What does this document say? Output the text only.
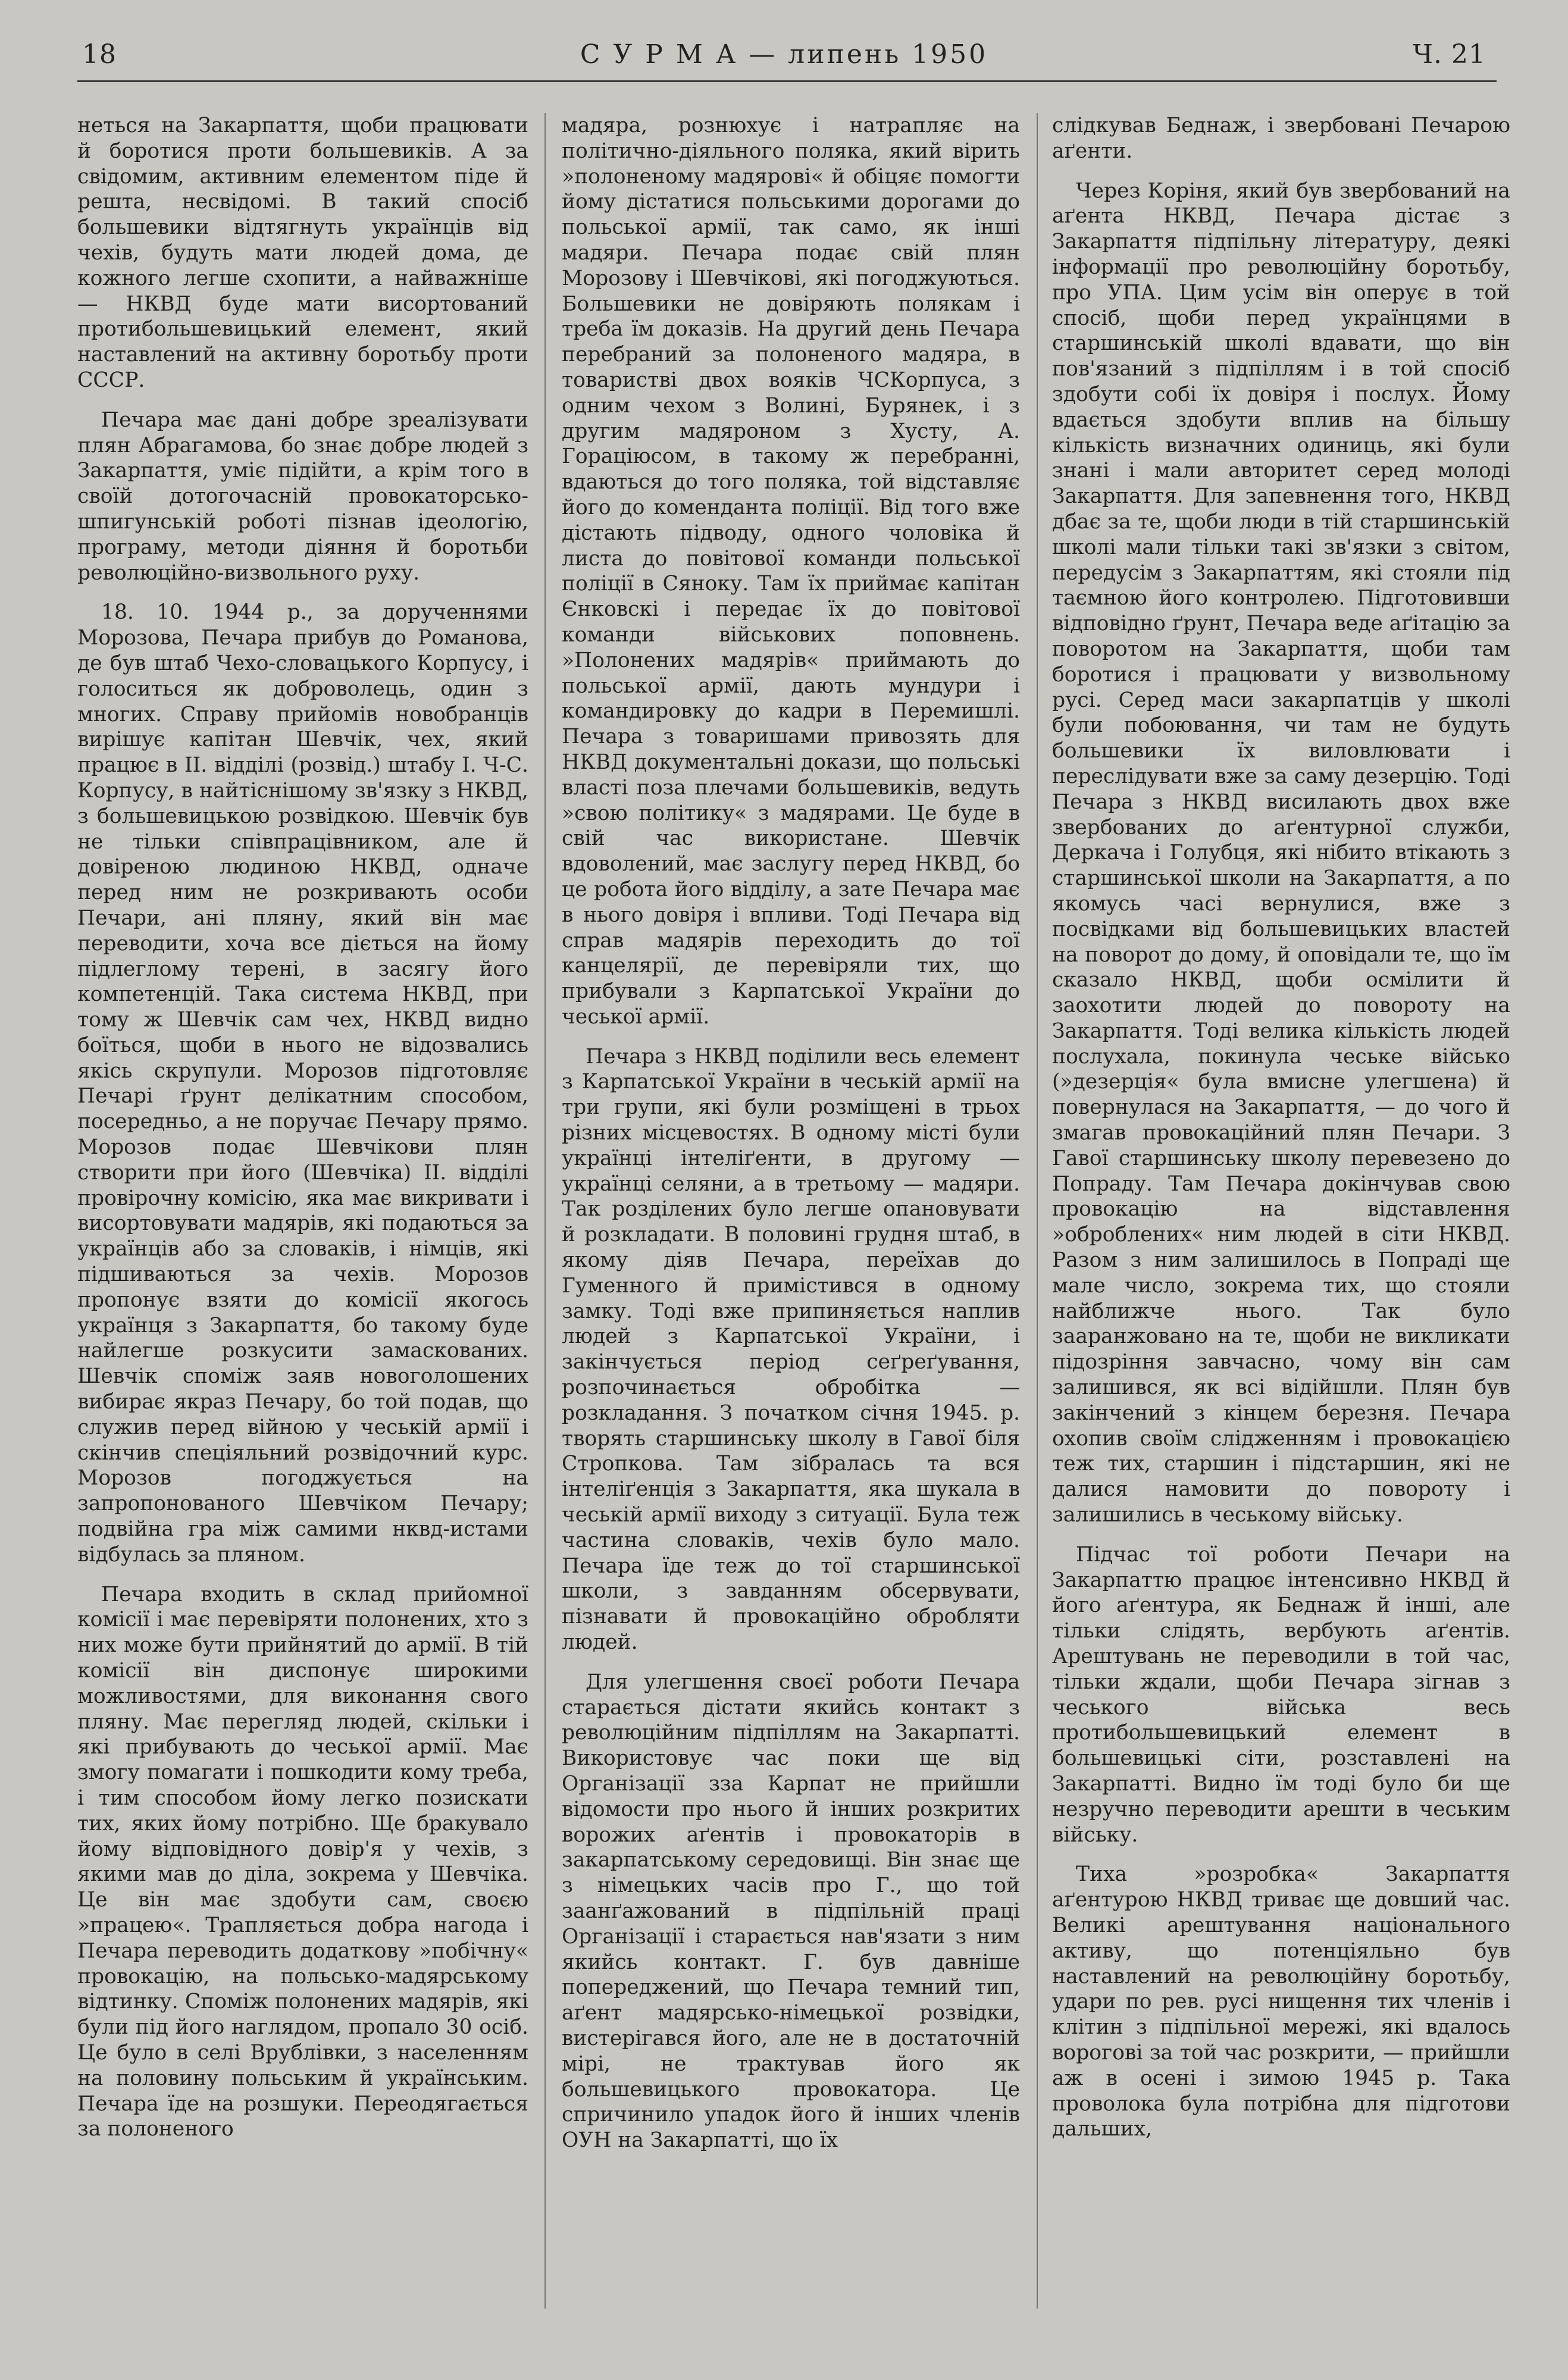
18	С У Р М А — липень 1950	Ч. 21

неться на Закарпаття, щоби працювати й боротися проти большевиків. А за свідомим, активним елементом піде й решта, несвідомі. В такий спосіб большевики відтягнуть українців від чехів, будуть мати людей дома, де кожного легше схопити, а найважніше — НКВД буде мати висортований протибольшевицький елемент, який наставлений на активну боротьбу проти СССР.

Печара має дані добре зреалізувати плян Абрагамова, бо знає добре людей з Закарпаття, уміє підійти, а крім того в своїй дотогочасній провокаторсько-шпигунській роботі пізнав ідеологію, програму, методи діяння й боротьби революційно-визвольного руху.

18. 10. 1944 р., за дорученнями Морозова, Печара прибув до Романова, де був штаб Чехо-словацького Корпусу, і голоситься як доброволець, один з многих. Справу прийомів новобранців вирішує капітан Шевчік, чех, який працює в II. відділі (розвід.) штабу І. Ч-С. Корпусу, в найтіснішому зв'язку з НКВД, з большевицькою розвідкою. Шевчік був не тільки співпрацівником, але й довіреною людиною НКВД, одначе перед ним не розкривають особи Печари, ані пляну, який він має переводити, хоча все діється на йому підлеглому терені, в засягу його компетенцій. Така система НКВД, при тому ж Шевчік сам чех, НКВД видно боїться, щоби в нього не відозвались якісь скрупули. Морозов підготовляє Печарі ґрунт делікатним способом, посередньо, а не поручає Печару прямо. Морозов подає Шевчікови плян створити при його (Шевчіка) II. відділі провірочну комісію, яка має викривати і висортовувати мадярів, які подаються за українців або за словаків, і німців, які підшиваються за чехів. Морозов пропонує взяти до комісії якогось українця з Закарпаття, бо такому буде найлегше розкусити замаскованих. Шевчік споміж заяв новоголошених вибирає якраз Печару, бо той подав, що служив перед війною у чеській армії і скінчив спеціяльний розвідочний курс. Морозов погоджується на запропонованого Шевчіком Печару; подвійна гра між самими нквд-истами відбулась за пляном.

Печара входить в склад прийомної комісії і має перевіряти полонених, хто з них може бути прийнятий до армії. В тій комісії він диспонує широкими можливостями, для виконання свого пляну. Має перегляд людей, скільки і які прибувають до чеської армії. Має змогу помагати і пошкодити кому треба, і тим способом йому легко позискати тих, яких йому потрібно. Ще бракувало йому відповідного довір'я у чехів, з якими мав до діла, зокрема у Шевчіка. Це він має здобути сам, своєю »працею«. Трапляється добра нагода і Печара переводить додаткову »побічну« провокацію, на польсько-мадярському відтинку. Споміж полонених мадярів, які були під його наглядом, пропало 30 осіб. Це було в селі Врублівки, з населенням на половину польським й українським. Печара їде на розшуки. Переодягається за полоненого

мадяра, рознюхує і натрапляє на політично-діяльного поляка, який вірить »полоненому мадярові« й обіцяє помогти йому дістатися польськими дорогами до польської армії, так само, як інші мадяри. Печара подає свій плян Морозову і Шевчікові, які погоджуються. Большевики не довіряють полякам і треба їм доказів. На другий день Печара перебраний за полоненого мадяра, в товаристві двох вояків ЧСКорпуса, з одним чехом з Волині, Бурянек, і з другим мадяроном з Хусту, А. Гораціюсом, в такому ж перебранні, вдаються до того поляка, той відставляє його до коменданта поліції. Від того вже дістають підводу, одного чоловіка й листа до повітової команди польської поліції в Сяноку. Там їх приймає капітан Єнковскі і передає їх до повітової команди військових поповнень. »Полонених мадярів« приймають до польської армії, дають мундури і командировку до кадри в Перемишлі. Печара з товаришами привозять для НКВД документальні докази, що польські власті поза плечами большевиків, ведуть »свою політику« з мадярами. Це буде в свій час використане. Шевчік вдоволений, має заслугу перед НКВД, бо це робота його відділу, а зате Печара має в нього довіря і впливи. Тоді Печара від справ мадярів переходить до тої канцелярії, де перевіряли тих, що прибували з Карпатської України до чеської армії.

Печара з НКВД поділили весь елемент з Карпатської України в чеській армії на три групи, які були розміщені в трьох різних місцевостях. В одному місті були українці інтеліґенти, в другому — українці селяни, а в третьому — мадяри. Так розділених було легше опановувати й розкладати. В половині грудня штаб, в якому діяв Печара, переїхав до Гуменного й примістився в одному замку. Тоді вже припиняється наплив людей з Карпатської України, і закінчується період сеґреґування, розпочинається обробітка —розкладання. З початком січня 1945. р. творять старшинську школу в Гавої біля Стропкова. Там зібралась та вся інтеліґенція з Закарпаття, яка шукала в чеській армії виходу з ситуації. Була теж частина словаків, чехів було мало. Печара їде теж до тої старшинської школи, з завданням обсервувати, пізнавати й провокаційно обробляти людей.

Для улегшення своєї роботи Печара старається дістати якийсь контакт з революційним підпіллям на Закарпатті. Використовує час поки ще від Організації зза Карпат не прийшли відомости про нього й інших розкритих ворожих аґентів і провокаторів в закарпатському середовищі. Він знає ще з німецьких часів про Г., що той заанґажований в підпільній праці Організації і старається нав'язати з ним якийсь контакт. Г. був давніше попереджений, що Печара темний тип, аґент мадярсько-німецької розвідки, вистерігався його, але не в достаточній мірі, не трактував його як большевицького провокатора. Це спричинило упадок його й інших членів ОУН на Закарпатті, що їх

слідкував Беднаж, і звербовані Печарою аґенти.

Через Коріня, який був звербований на аґента НКВД, Печара дістає з Закарпаття підпільну літературу, деякі інформації про революційну боротьбу, про УПА. Цим усім він оперує в той спосіб, щоби перед українцями в старшинській школі вдавати, що він пов'язаний з підпіллям і в той спосіб здобути собі їх довіря і послух. Йому вдається здобути вплив на більшу кількість визначних одиниць, які були знані і мали авторитет серед молоді Закарпаття. Для запевнення того, НКВД дбає за те, щоби люди в тій старшинській школі мали тільки такі зв'язки з світом, передусім з Закарпаттям, які стояли під таємною його контролею. Підготовивши відповідно ґрунт, Печара веде аґітацію за поворотом на Закарпаття, щоби там боротися і працювати у визвольному русі. Серед маси закарпатців у школі були побоювання, чи там не будуть большевики їх виловлювати і переслідувати вже за саму дезерцію. Тоді Печара з НКВД висилають двох вже звербованих до аґентурної служби, Деркача і Голубця, які нібито втікають з старшинської школи на Закарпаття, а по якомусь часі вернулися, вже з посвідками від большевицьких властей на поворот до дому, й оповідали те, що їм сказало НКВД, щоби осмілити й заохотити людей до повороту на Закарпаття. Тоді велика кількість людей послухала, покинула чеське військо (»дезерція« була вмисне улегшена) й повернулася на Закарпаття, — до чого й змагав провокаційний плян Печари. З Гавої старшинську школу перевезено до Попраду. Там Печара докінчував свою провокацію на відставлення »оброблених« ним людей в сіти НКВД. Разом з ним залишилось в Попраді ще мале число, зокрема тих, що стояли найближче нього. Так було зааранжовано на те, щоби не викликати підозріння завчасно, чому він сам залишився, як всі відійшли. Плян був закінчений з кінцем березня. Печара охопив своїм слідженням і провокацією теж тих, старшин і підстаршин, які не далися намовити до повороту і залишились в чеському війську.

Підчас тої роботи Печари на Закарпаттю працює інтенсивно НКВД й його аґентура, як Беднаж й інші, але тільки слідять, вербують аґентів. Арештувань не переводили в той час, тільки ждали, щоби Печара зігнав з чеського війська весь протибольшевицький елемент в большевицькі сіти, розставлені на Закарпатті. Видно їм тоді було би ще незручно переводити арешти в чеським війську.

Тиха »розробка« Закарпаття аґентурою НКВД триває ще довший час. Великі арештування національного активу, що потенціяльно був наставлений на революційну боротьбу, удари по рев. русі нищення тих членів і клітин з підпільної мережі, які вдалось ворогові за той час розкрити, — прийшли аж в осені і зимою 1945 р. Така проволока була потрібна для підготови дальших,
